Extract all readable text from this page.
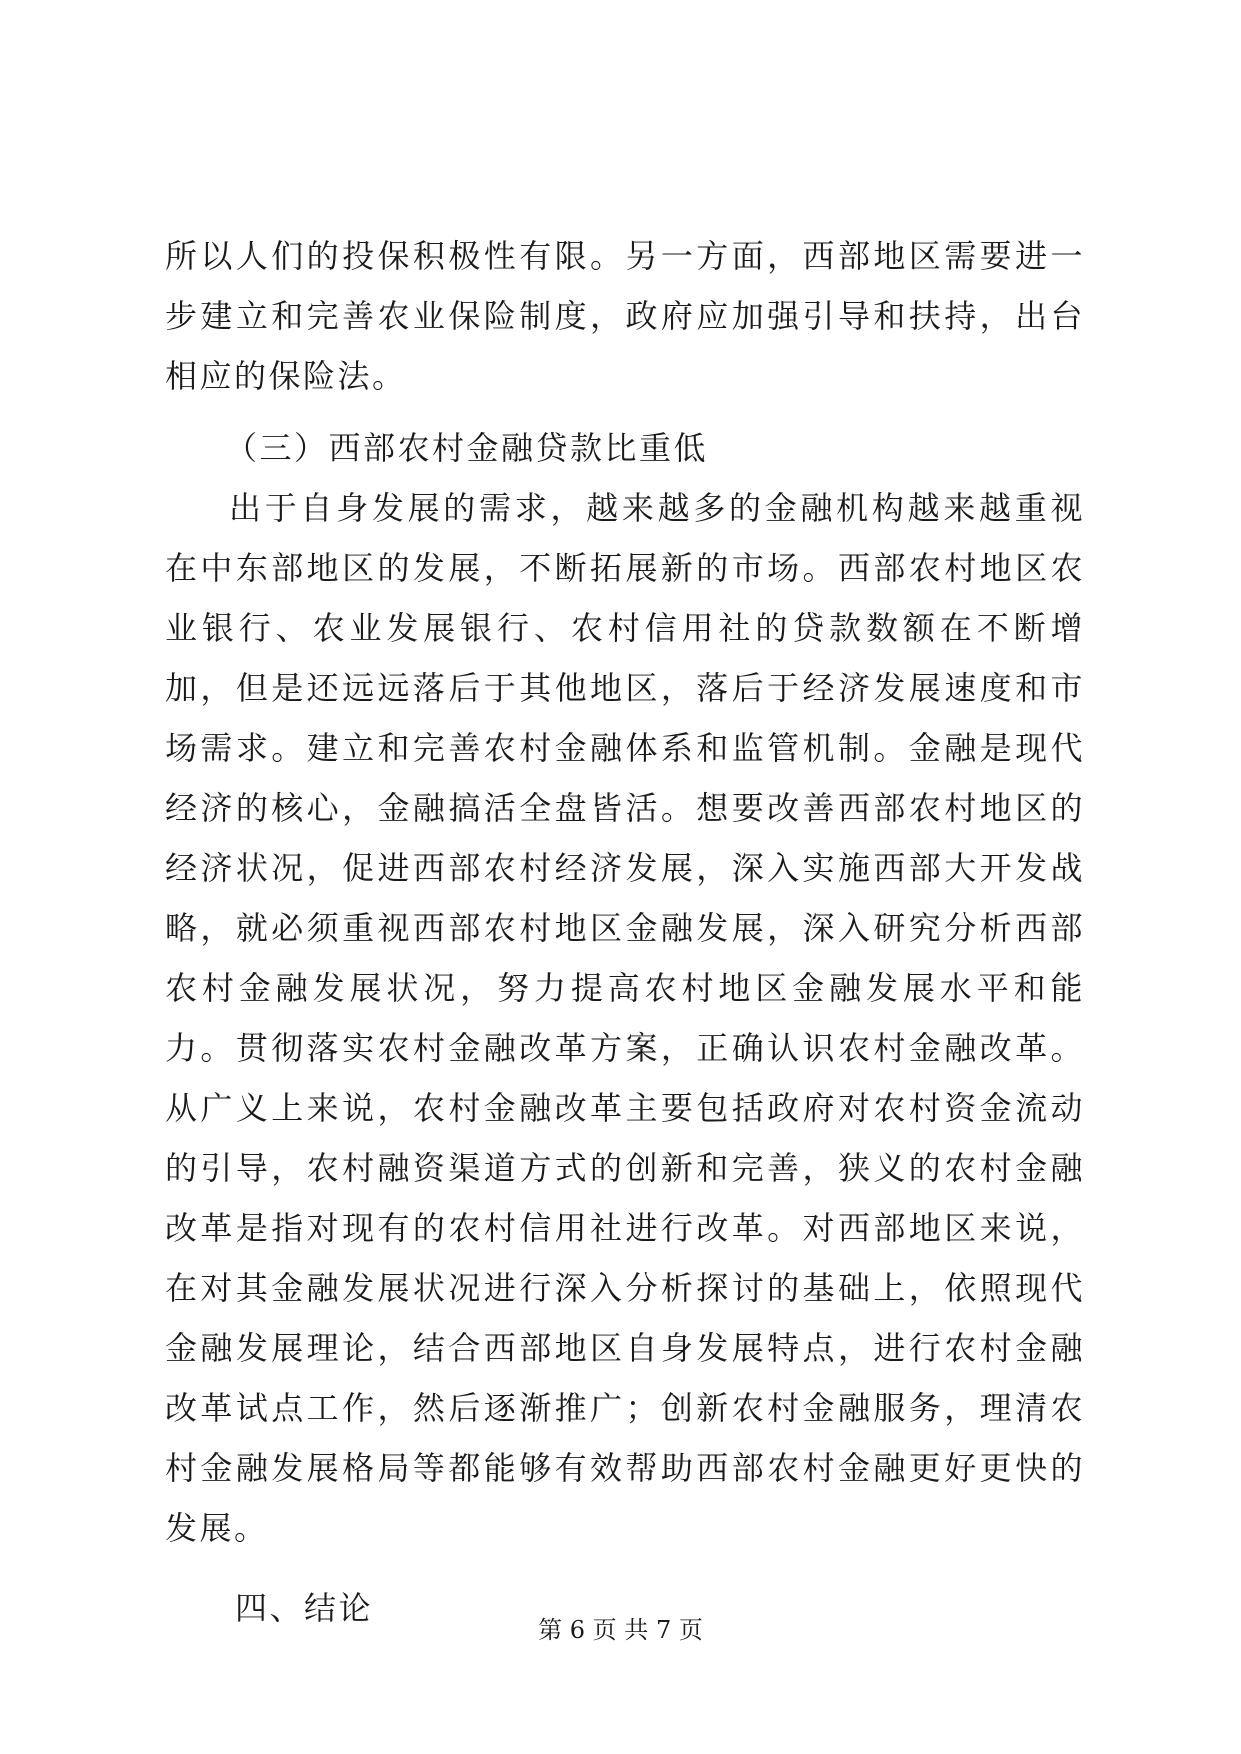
所以人们的投保积极性有限。另一方面，西部地区需要进一步建立和完善农业保险制度，政府应加强引导和扶持，出台相应的保险法。

（三）西部农村金融贷款比重低

出于自身发展的需求，越来越多的金融机构越来越重视在中东部地区的发展，不断拓展新的市场。西部农村地区农业银行、农业发展银行、农村信用社的贷款数额在不断增加，但是还远远落后于其他地区，落后于经济发展速度和市场需求。建立和完善农村金融体系和监管机制。金融是现代经济的核心，金融搞活全盘皆活。想要改善西部农村地区的经济状况，促进西部农村经济发展，深入实施西部大开发战略，就必须重视西部农村地区金融发展，深入研究分析西部农村金融发展状况，努力提高农村地区金融发展水平和能力。贯彻落实农村金融改革方案，正确认识农村金融改革。从广义上来说，农村金融改革主要包括政府对农村资金流动的引导，农村融资渠道方式的创新和完善，狭义的农村金融改革是指对现有的农村信用社进行改革。对西部地区来说，在对其金融发展状况进行深入分析探讨的基础上，依照现代金融发展理论，结合西部地区自身发展特点，进行农村金融改革试点工作，然后逐渐推广；创新农村金融服务，理清农村金融发展格局等都能够有效帮助西部农村金融更好更快的发展。

四、结论

第 6 页 共 7 页
